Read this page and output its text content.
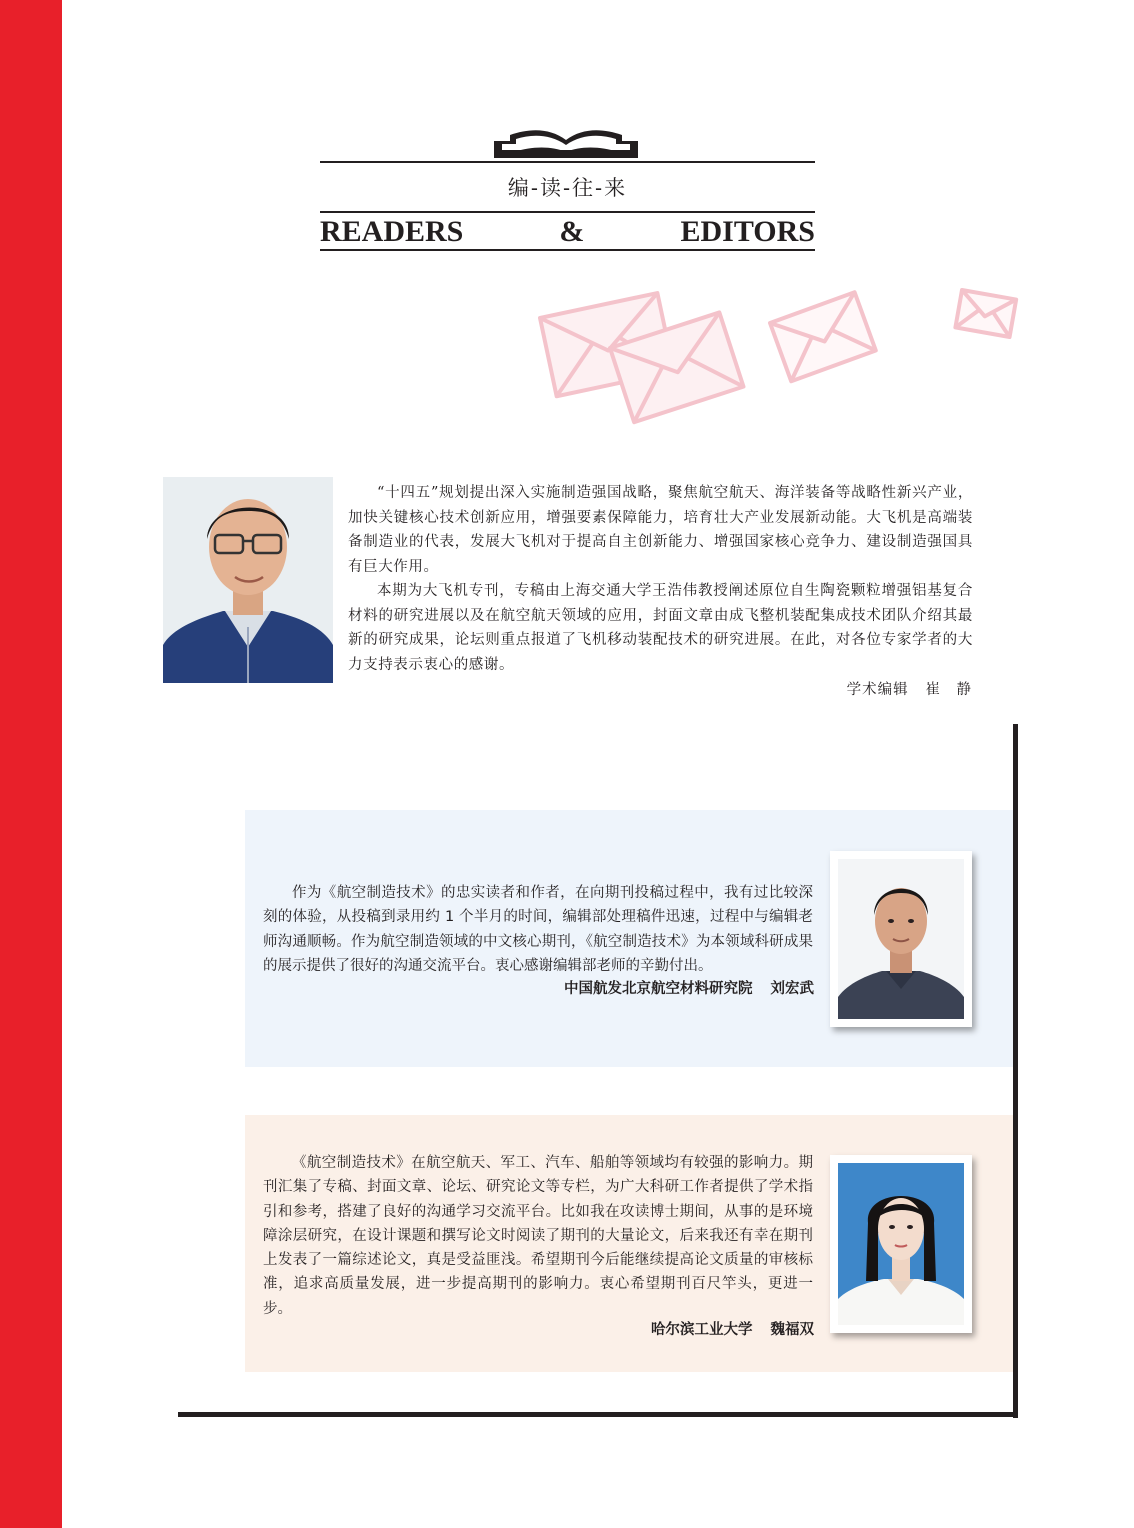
编-读-往-来
READERS	&	EDITORS

“十四五”规划提出深入实施制造强国战略，聚焦航空航天、海洋装备等战略性新兴产业，加快关键核心技术创新应用，增强要素保障能力，培育壮大产业发展新动能。大飞机是高端装备制造业的代表，发展大飞机对于提高自主创新能力、增强国家核心竞争力、建设制造强国具有巨大作用。

本期为大飞机专刊，专稿由上海交通大学王浩伟教授阐述原位自生陶瓷颗粒增强铝基复合材料的研究进展以及在航空航天领域的应用，封面文章由成飞整机装配集成技术团队介绍其最新的研究成果，论坛则重点报道了飞机移动装配技术的研究进展。在此，对各位专家学者的大力支持表示衷心的感谢。

学术编辑 崔　静

作为《航空制造技术》的忠实读者和作者，在向期刊投稿过程中，我有过比较深刻的体验，从投稿到录用约 1 个半月的时间，编辑部处理稿件迅速，过程中与编辑老师沟通顺畅。作为航空制造领域的中文核心期刊，《航空制造技术》为本领域科研成果的展示提供了很好的沟通交流平台。衷心感谢编辑部老师的辛勤付出。

中国航发北京航空材料研究院 刘宏武

《航空制造技术》在航空航天、军工、汽车、船舶等领域均有较强的影响力。期刊汇集了专稿、封面文章、论坛、研究论文等专栏，为广大科研工作者提供了学术指引和参考，搭建了良好的沟通学习交流平台。比如我在攻读博士期间，从事的是环境障涂层研究，在设计课题和撰写论文时阅读了期刊的大量论文，后来我还有幸在期刊上发表了一篇综述论文，真是受益匪浅。希望期刊今后能继续提高论文质量的审核标准，追求高质量发展，进一步提高期刊的影响力。衷心希望期刊百尺竿头，更进一步。

哈尔滨工业大学 魏福双
